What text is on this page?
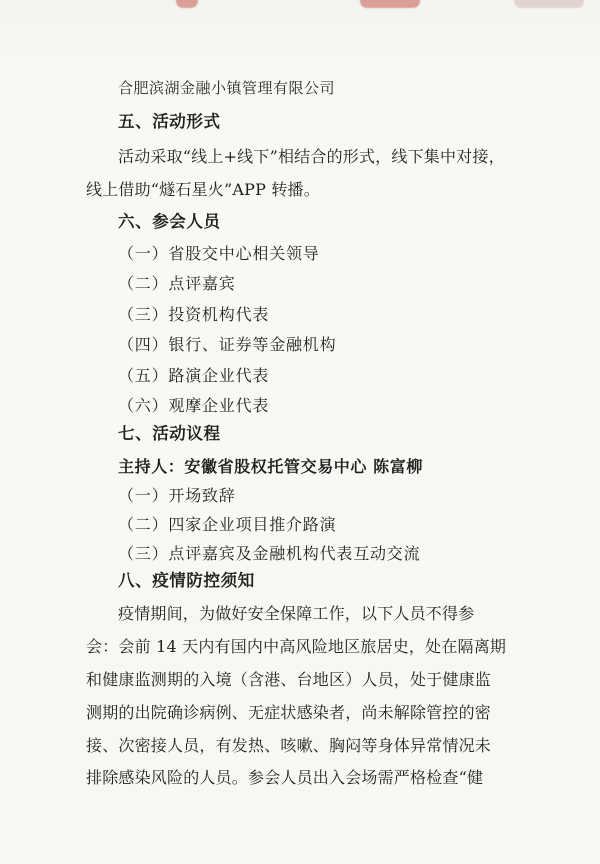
合肥滨湖金融小镇管理有限公司
五、活动形式
活动采取“线上+线下”相结合的形式，线下集中对接，
线上借助“燧石星火”APP 转播。
六、参会人员
（一）省股交中心相关领导
（二）点评嘉宾
（三）投资机构代表
（四）银行、证券等金融机构
（五）路演企业代表
（六）观摩企业代表
七、活动议程
主持人：安徽省股权托管交易中心 陈富柳
（一）开场致辞
（二）四家企业项目推介路演
（三）点评嘉宾及金融机构代表互动交流
八、疫情防控须知
疫情期间，为做好安全保障工作，以下人员不得参
会：会前 14 天内有国内中高风险地区旅居史，处在隔离期
和健康监测期的入境（含港、台地区）人员，处于健康监
测期的出院确诊病例、无症状感染者，尚未解除管控的密
接、次密接人员，有发热、咳嗽、胸闷等身体异常情况未
排除感染风险的人员。参会人员出入会场需严格检查“健
